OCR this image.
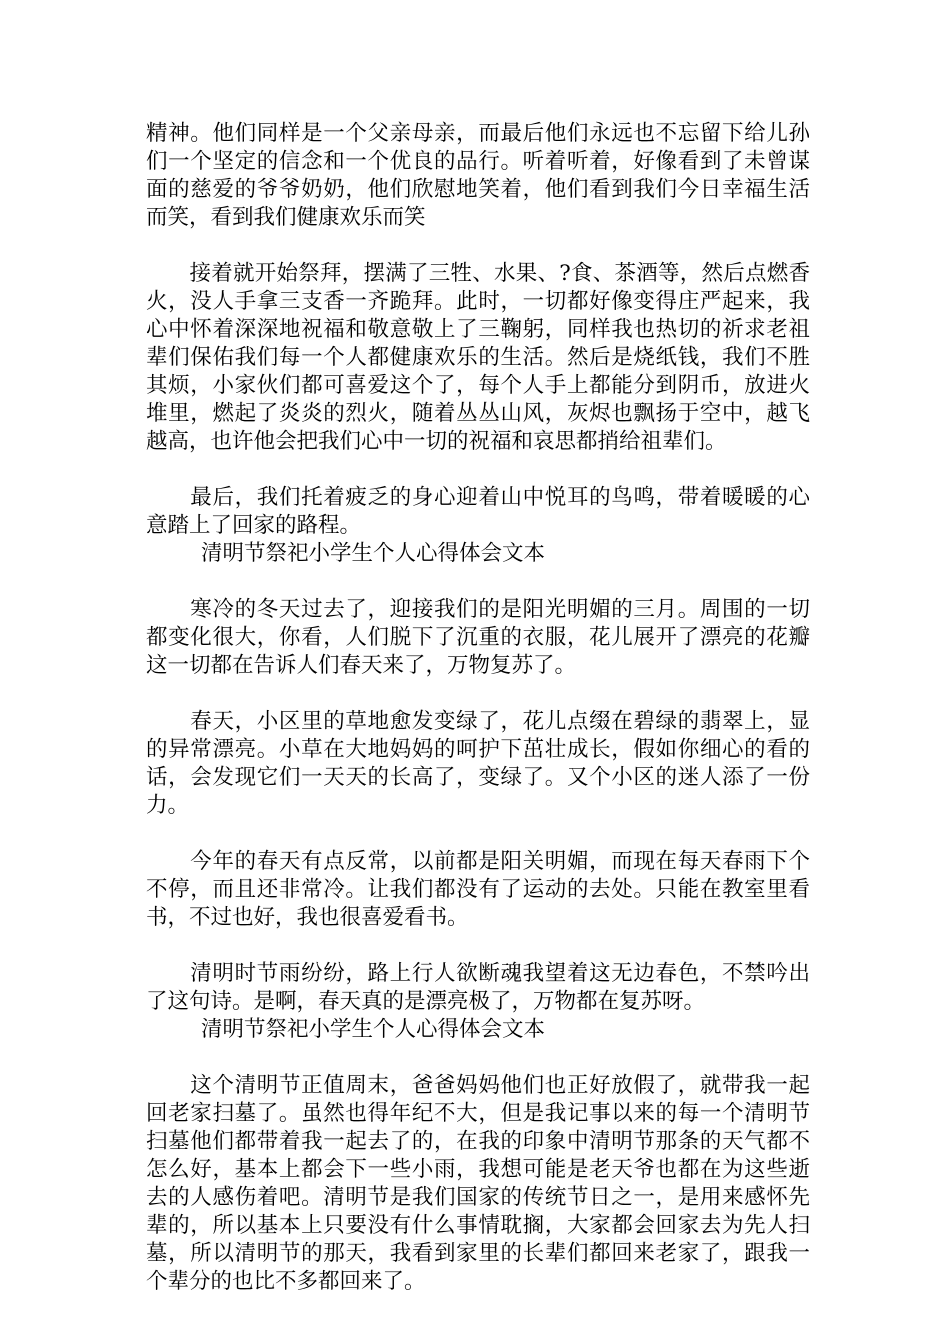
精神。他们同样是一个父亲母亲，而最后他们永远也不忘留下给儿孙们一个坚定的信念和一个优良的品行。听着听着，好像看到了未曾谋面的慈爱的爷爷奶奶，他们欣慰地笑着，他们看到我们今日幸福生活而笑，看到我们健康欢乐而笑

　　接着就开始祭拜，摆满了三牲、水果、?食、茶酒等，然后点燃香火，没人手拿三支香一齐跪拜。此时，一切都好像变得庄严起来，我心中怀着深深地祝福和敬意敬上了三鞠躬，同样我也热切的祈求老祖辈们保佑我们每一个人都健康欢乐的生活。然后是烧纸钱，我们不胜其烦，小家伙们都可喜爱这个了，每个人手上都能分到阴币，放进火堆里，燃起了炎炎的烈火，随着丛丛山风，灰烬也飘扬于空中，越飞越高，也许他会把我们心中一切的祝福和哀思都捎给祖辈们。

　　最后，我们托着疲乏的身心迎着山中悦耳的鸟鸣，带着暖暖的心意踏上了回家的路程。

清明节祭祀小学生个人心得体会文本

　　寒冷的冬天过去了，迎接我们的是阳光明媚的三月。周围的一切都变化很大，你看，人们脱下了沉重的衣服，花儿展开了漂亮的花瓣这一切都在告诉人们春天来了，万物复苏了。

　　春天，小区里的草地愈发变绿了，花儿点缀在碧绿的翡翠上，显的异常漂亮。小草在大地妈妈的呵护下茁壮成长，假如你细心的看的话，会发现它们一天天的长高了，变绿了。又个小区的迷人添了一份力。

　　今年的春天有点反常，以前都是阳关明媚，而现在每天春雨下个不停，而且还非常冷。让我们都没有了运动的去处。只能在教室里看书，不过也好，我也很喜爱看书。

　　清明时节雨纷纷，路上行人欲断魂我望着这无边春色，不禁吟出了这句诗。是啊，春天真的是漂亮极了，万物都在复苏呀。

清明节祭祀小学生个人心得体会文本

　　这个清明节正值周末，爸爸妈妈他们也正好放假了，就带我一起回老家扫墓了。虽然也得年纪不大，但是我记事以来的每一个清明节扫墓他们都带着我一起去了的，在我的印象中清明节那条的天气都不怎么好，基本上都会下一些小雨，我想可能是老天爷也都在为这些逝去的人感伤着吧。清明节是我们国家的传统节日之一，是用来感怀先辈的，所以基本上只要没有什么事情耽搁，大家都会回家去为先人扫墓，所以清明节的那天，我看到家里的长辈们都回来老家了，跟我一个辈分的也比不多都回来了。
